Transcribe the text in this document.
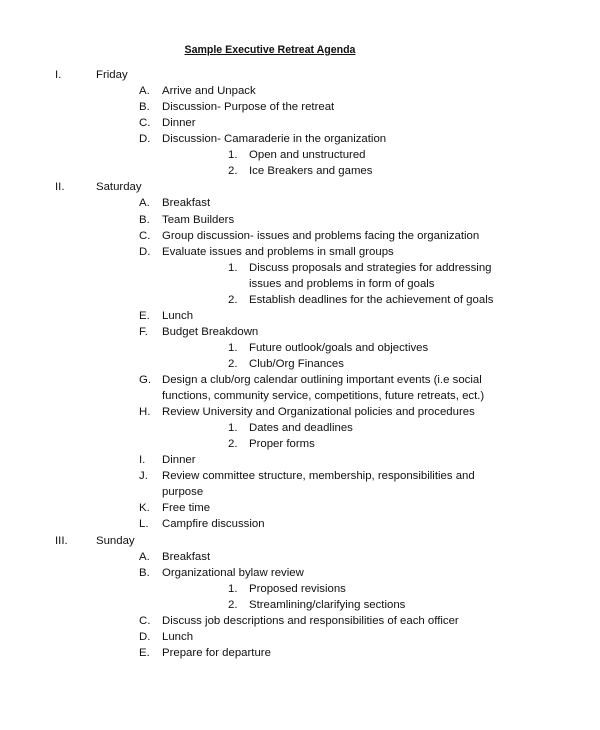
Sample Executive Retreat Agenda
I.	Friday
A. Arrive and Unpack
B. Discussion- Purpose of the retreat
C. Dinner
D. Discussion- Camaraderie in the organization
1. Open and unstructured
2. Ice Breakers and games
II.	Saturday
A. Breakfast
B. Team Builders
C. Group discussion- issues and problems facing the organization
D. Evaluate issues and problems in small groups
1. Discuss proposals and strategies for addressing
issues and problems in form of goals
2. Establish deadlines for the achievement of goals
E. Lunch
F. Budget Breakdown
1. Future outlook/goals and objectives
2. Club/Org Finances
G. Design a club/org calendar outlining important events (i.e social
functions, community service, competitions, future retreats, ect.)
H. Review University and Organizational policies and procedures
1. Dates and deadlines
2. Proper forms
I. Dinner
J. Review committee structure, membership, responsibilities and
purpose
K. Free time
L. Campfire discussion
III. Sunday
A. Breakfast
B. Organizational bylaw review
1. Proposed revisions
2. Streamlining/clarifying sections
C. Discuss job descriptions and responsibilities of each officer
D. Lunch
E. Prepare for departure
